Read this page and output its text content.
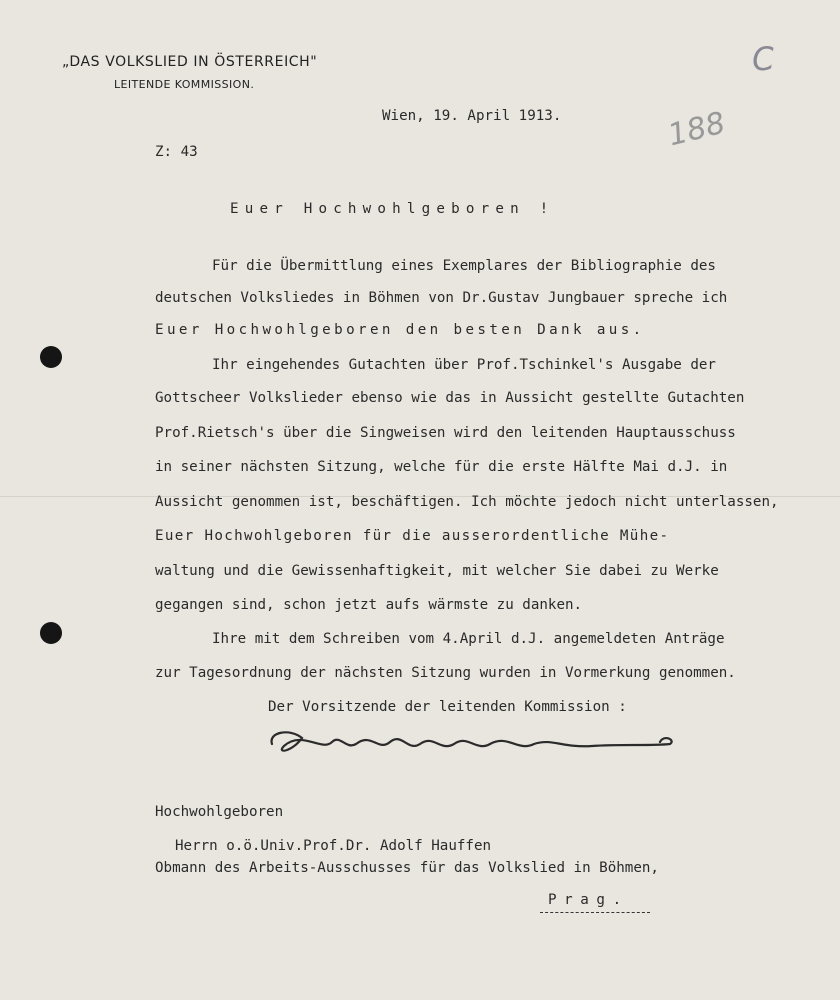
„DAS VOLKSLIED IN ÖSTERREICH"
LEITENDE KOMMISSION.
C
188
Wien, 19. April 1913.
Z: 43
Euer Hochwohlgeboren !
Für die Übermittlung eines Exemplares der Bibliographie des
deutschen Volksliedes in Böhmen von Dr.Gustav Jungbauer spreche ich
Euer Hochwohlgeboren den besten Dank aus.
Ihr eingehendes Gutachten über Prof.Tschinkel's Ausgabe der
Gottscheer Volkslieder ebenso wie das in Aussicht gestellte Gutachten
Prof.Rietsch's über die Singweisen wird den leitenden Hauptausschuss
in seiner nächsten Sitzung, welche für die erste Hälfte Mai d.J. in
Aussicht genommen ist, beschäftigen. Ich möchte jedoch nicht unterlassen,
Euer Hochwohlgeboren für die ausserordentliche Mühe-
waltung und die Gewissenhaftigkeit, mit welcher Sie dabei zu Werke
gegangen sind, schon jetzt aufs wärmste zu danken.
Ihre mit dem Schreiben vom 4.April d.J. angemeldeten Anträge
zur Tagesordnung der nächsten Sitzung wurden in Vormerkung genommen.
Der Vorsitzende der leitenden Kommission :
Hochwohlgeboren
Herrn o.ö.Univ.Prof.Dr. Adolf Hauffen
Obmann des Arbeits-Ausschusses für das Volkslied in Böhmen,
Prag.
